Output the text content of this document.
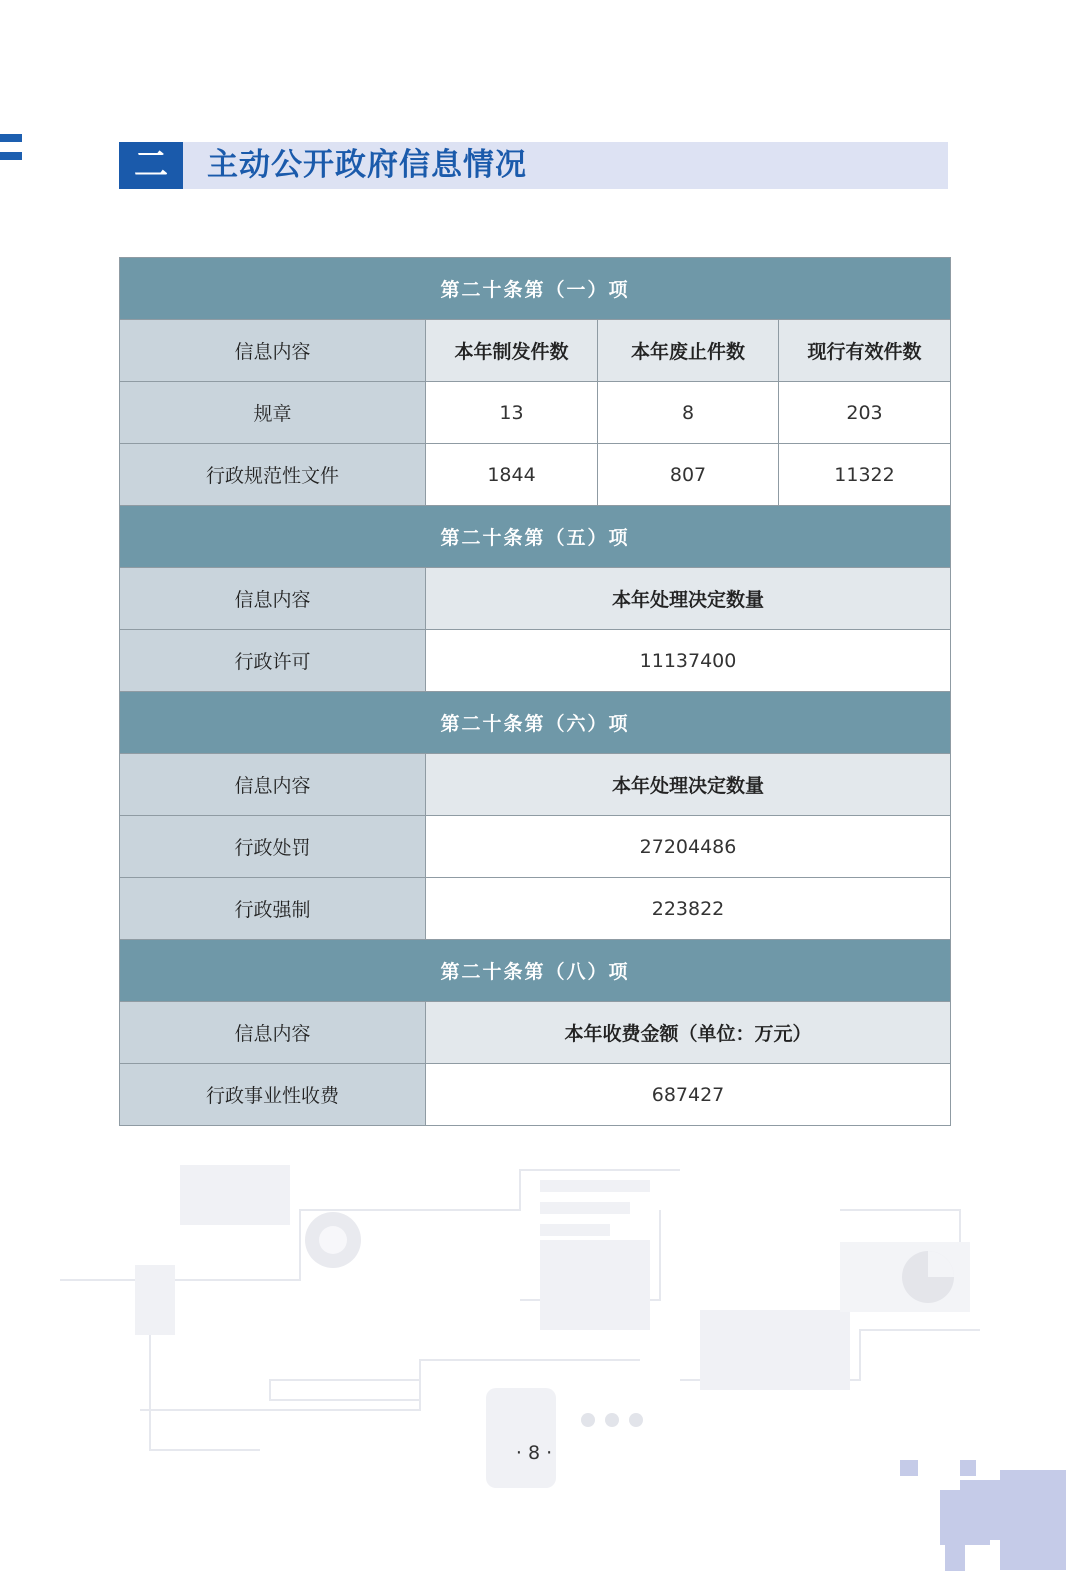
二	主动公开政府信息情况
第二十条第（一）项			
信息内容	本年制发件数	本年废止件数	现行有效件数
规章	13	8	203
行政规范性文件	1844	807	11322
第二十条第（五）项			
信息内容	本年处理决定数量		
行政许可	11137400		
第二十条第（六）项			
信息内容	本年处理决定数量		
行政处罚	27204486		
行政强制	223822		
第二十条第（八）项			
信息内容	本年收费金额（单位：万元）		
行政事业性收费	687427		
· 8 ·
